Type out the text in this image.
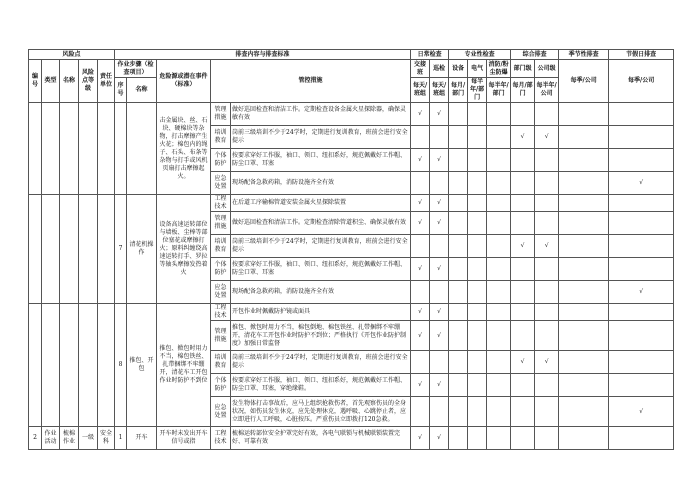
风险点					排查内容与排查标准					日常检查		专业性检查			综合排查		季节性排查	节假日排查
编号	类型	名称	风险点等级	责任单位	作业步骤（检查项目）		危险源或潜在事件（标准）	管控措施		交接班	巡检	设备	电气	消防/粉尘防爆	部门级	公司级	每季/公司	每季/公司
					序号	名称				每天/班组	每天/班组	每月/部门	每半年/部门	每半年/部门	每月/部门	每半年/公司		
							击金属块、丝、石块、硬棉块等杂物，打击摩擦产生火花；棉包内的绳子、石头、布条等杂物与打手或风机页扇打击摩擦起火。	管理措施	做好巡回检查和清洁工作。定期检查设备金属火星探除器，确保灵敏有效	√	√							
								培训教育	岗前三级培训不少于24学时，定期进行复训教育，班前会进行安全提示						√	√		
								个体防护	按要求穿好工作服，袖口、领口、纽扣系好，规范佩戴好工作帽、防尘口罩、耳塞	√	√							
								应急处置	现场配备急救药箱，消防设施齐全有效									√
					7	清花机操作	设备高速运转部位与墙板、尘棒等部位塞花或摩擦打火；原料纠缠绕高速运转打手、罗拉等轴头摩擦发热着火	工程技术	在后道工序输棉管道安装金属火星探除装置	√	√							
								管理措施	做好巡回检查和清洁工作。定期检查清除管道积尘、确保灵敏有效	√	√							
								培训教育	岗前三级培训不少于24学时，定期进行复训教育，班前会进行安全提示						√	√		
								个体防护	按要求穿好工作服，袖口、领口、纽扣系好，规范佩戴好工作帽、防尘口罩、耳塞	√	√							
								应急处置	现场配备急救药箱，消防设施齐全有效									√
					8	推包、开包	推包、掀包时用力不当，棉包铁丝、扎带捆绑不牢绷开，清花车工开包作业时防护不到位	工程技术	开包作业时佩戴防护镜或面具	√	√							
								管理措施	推包、掀包时用力不当，棉包倒地、棉包铁丝、扎带捆绑不牢绷开，清花车工开包作业时防护不到位；严格执行《开包作业防护制度》加强日常监督	√	√							
								培训教育	岗前三级培训不少于24学时，定期进行复训教育，班前会进行安全提示						√	√		
								个体防护	按要求穿好工作服，袖口、领口、纽扣系好，规范佩戴好工作帽、防尘口罩、耳塞，穿绝缘鞋。	√	√							
								应急处置	发生物体打击事故后，应马上组织抢救伤者，首先观察伤员的全身状况，如伤员发生休克，应先处理休克，遇呼吸、心跳停止者，应立即进行人工呼吸，心脏按压。严重伤员立即拨打120急救。									√
2	作业活动	梳棉作业	一级	安全科	1	开车	开车时未发出开车信号或指	工程技术	梳棉运转部位安全护罩完好有效，各电气联锁与机械联锁装置完好、可靠有效	√	√							
